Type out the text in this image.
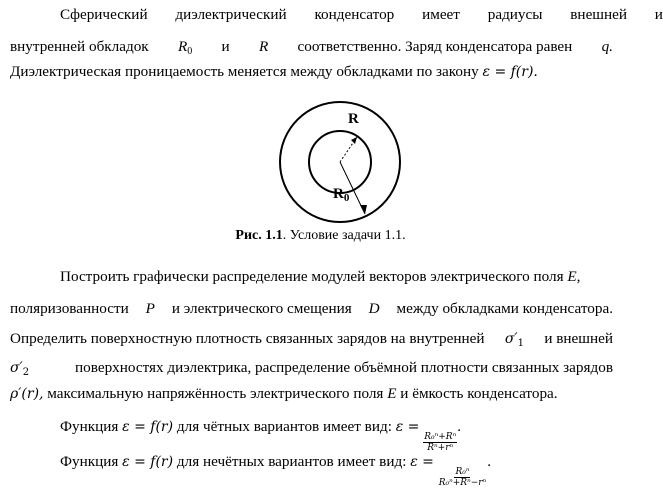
Сферический диэлектрический конденсатор имеет радиусы внешней и
внутренней обкладок $R_0$ и R соответственно. Заряд конденсатора равен q.
Диэлектрическая проницаемость меняется между обкладками по закону ε = f(r).
R
$R_0$
Рис. 1.1. Условие задачи 1.1.
Построить графически распределение модулей векторов электрического поля E,
поляризованности P и электрического смещения D между обкладками конденсатора.
Определить поверхностную плотность связанных зарядов на внутренней $\sigma'_1$ и внешней
$\sigma'_2$	поверхностях диэлектрика, распределение объёмной плотности связанных зарядов
ρ′(r), максимальную напряжённость электрического поля E и ёмкость конденсатора.
Функция ε = f(r) для чётных вариантов имеет вид: ε =
$\frac{\text{R₀ⁿ+Rⁿ}}{\text{Rⁿ+rⁿ}}$
.
Функция ε = f(r) для нечётных вариантов имеет вид: ε =
$\frac{\text{R₀ⁿ}}{\text{R₀ⁿ+Rⁿ−rⁿ}}$
.
